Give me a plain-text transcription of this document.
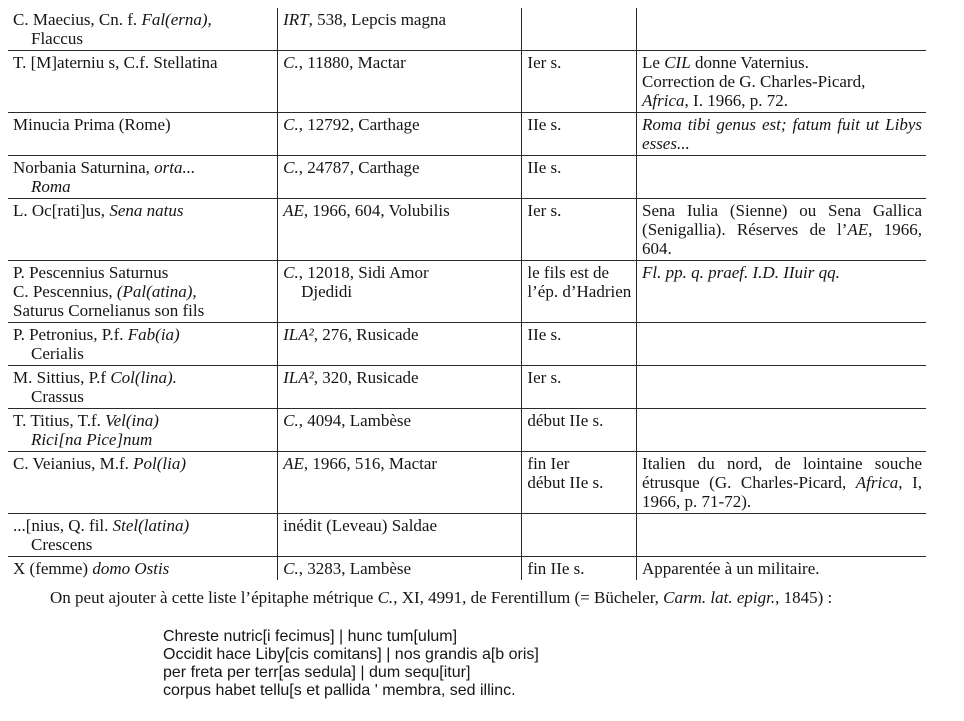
C. Maecius, Cn. f. Fal(erna),
Flaccus	IRT, 538, Lepcis magna		
T. [M]aterniu s, C.f. Stellatina	C., 11880, Mactar	Ier s.	Le CIL donne Vaternius.
Correction de G. Charles-Picard,
Africa, I. 1966, p. 72.
Minucia Prima (Rome)	C., 12792, Carthage	IIe s.	Roma tibi genus est; fatum fuit ut Libys esses...
Norbania Saturnina, orta...
Roma	C., 24787, Carthage	IIe s.	
L. Oc[rati]us, Sena natus	AE, 1966, 604, Volubilis	Ier s.	Sena Iulia (Sienne) ou Sena Gallica (Senigallia). Réserves de l’AE, 1966, 604.
P. Pescennius Saturnus
C. Pescennius, (Pal(atina),
Saturus Cornelianus son fils	C., 12018, Sidi Amor
Djedidi	le fils est de l’ép. d’Hadrien	Fl. pp. q. praef. I.D. IIuir qq.
P. Petronius, P.f. Fab(ia)
Cerialis	ILA², 276, Rusicade	IIe s.	
M. Sittius, P.f Col(lina).
Crassus	ILA², 320, Rusicade	Ier s.	
T. Titius, T.f. Vel(ina)
Rici[na Pice]num	C., 4094, Lambèse	début IIe s.	
C. Veianius, M.f. Pol(lia)	AE, 1966, 516, Mactar	fin Ier
début IIe s.	Italien du nord, de lointaine souche étrusque (G. Charles-Picard, Africa, I, 1966, p. 71-72).
...[nius, Q. fil. Stel(latina)
Crescens	inédit (Leveau) Saldae		
X (femme) domo Ostis	C., 3283, Lambèse	fin IIe s.	Apparentée à un militaire.
On peut ajouter à cette liste l’épitaphe métrique C., XI, 4991, de Ferentillum (= Bücheler, Carm. lat. epigr., 1845) :
Chreste nutric[i fecimus] | hunc tum[ulum]
Occidit hace Liby[cis comitans] | nos grandis a[b oris]
per freta per terr[as sedula] | dum sequ[itur]
corpus habet tellu[s et pallida ' membra, sed illinc.
